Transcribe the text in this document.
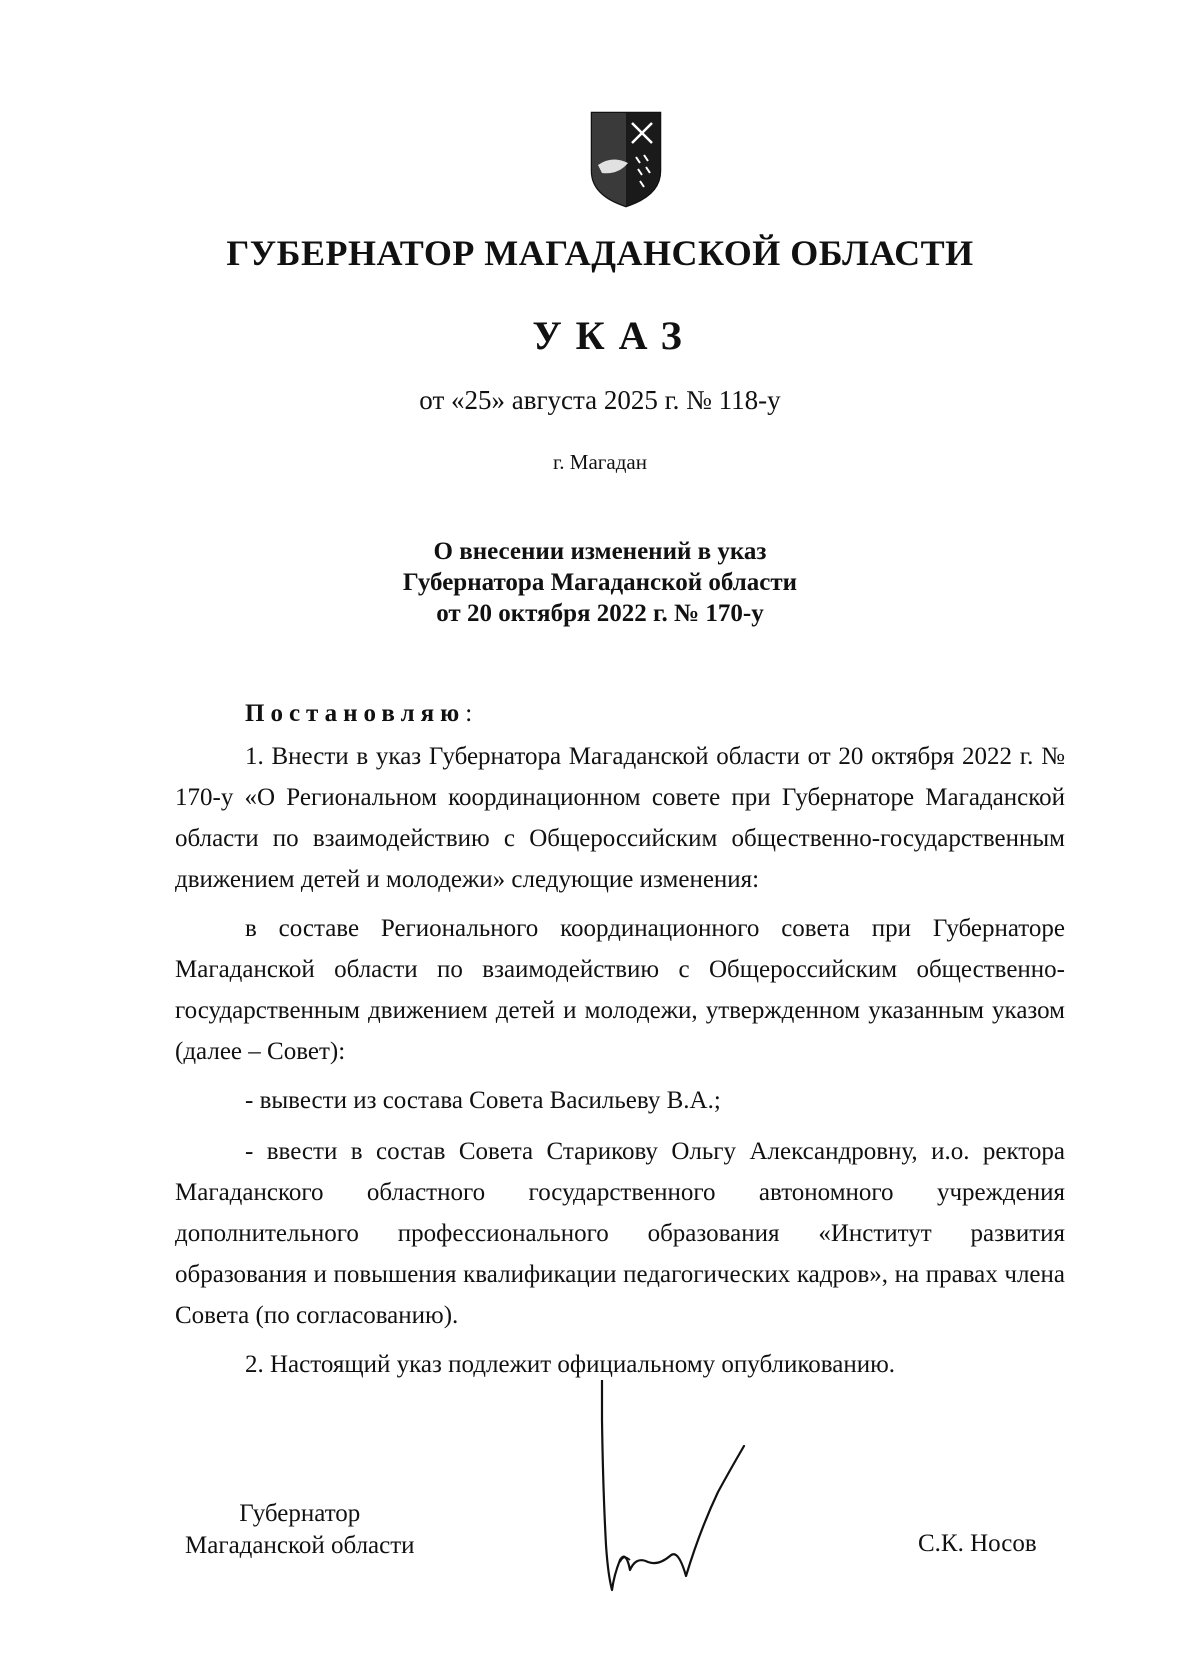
ГУБЕРНАТОР МАГАДАНСКОЙ ОБЛАСТИ
УКАЗ
от «25» августа 2025 г. № 118-у
г. Магадан
О внесении изменений в указ
Губернатора Магаданской области
от 20 октября 2022 г. № 170-у
Постановляю:

1. Внести в указ Губернатора Магаданской области от 20 октября 2022 г. № 170-у «О Региональном координационном совете при Губернаторе Магаданской области по взаимодействию с Общероссийским общественно-государственным движением детей и молодежи» следующие изменения:

в составе Регионального координационного совета при Губернаторе Магаданской области по взаимодействию с Общероссийским общественно-государственным движением детей и молодежи, утвержденном указанным указом (далее – Совет):

- вывести из состава Совета Васильеву В.А.;

- ввести в состав Совета Старикову Ольгу Александровну, и.о. ректора Магаданского областного государственного автономного учреждения дополнительного профессионального образования «Институт развития образования и повышения квалификации педагогических кадров», на правах члена Совета (по согласованию).

2. Настоящий указ подлежит официальному опубликованию.

Губернатор
Магаданской области	С.К. Носов
